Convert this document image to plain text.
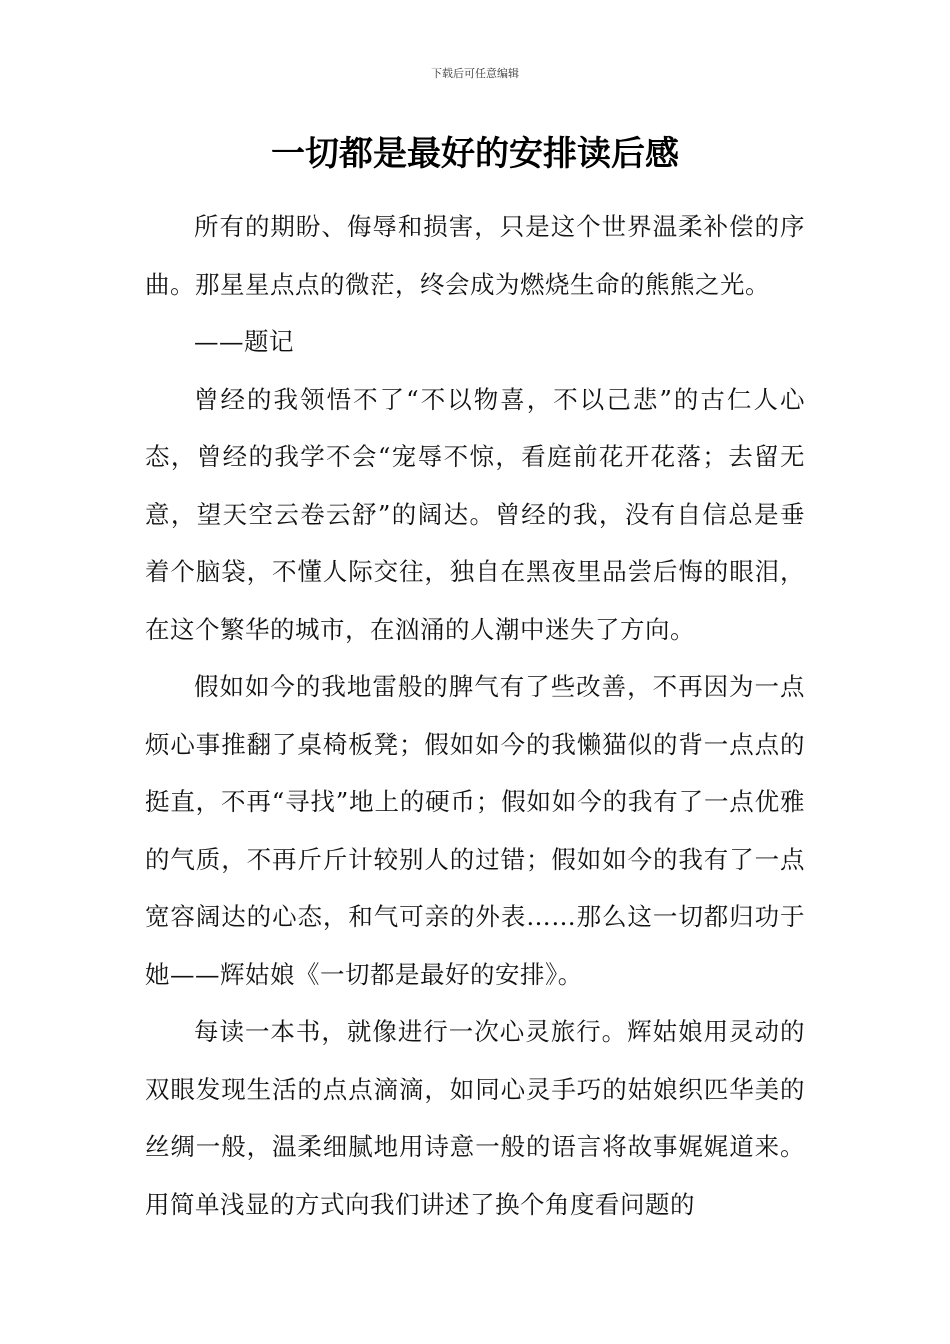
下载后可任意编辑
一切都是最好的安排读后感

所有的期盼、侮辱和损害，只是这个世界温柔补偿的序曲。那星星点点的微茫，终会成为燃烧生命的熊熊之光。

——题记

曾经的我领悟不了“不以物喜，不以己悲”的古仁人心态，曾经的我学不会“宠辱不惊，看庭前花开花落；去留无意，望天空云卷云舒”的阔达。曾经的我，没有自信总是垂着个脑袋，不懂人际交往，独自在黑夜里品尝后悔的眼泪，在这个繁华的城市，在汹涌的人潮中迷失了方向。

假如如今的我地雷般的脾气有了些改善，不再因为一点烦心事推翻了桌椅板凳；假如如今的我懒猫似的背一点点的挺直，不再“寻找”地上的硬币；假如如今的我有了一点优雅的气质，不再斤斤计较别人的过错；假如如今的我有了一点宽容阔达的心态，和气可亲的外表……那么这一切都归功于她——辉姑娘《一切都是最好的安排》。

每读一本书，就像进行一次心灵旅行。辉姑娘用灵动的双眼发现生活的点点滴滴，如同心灵手巧的姑娘织匹华美的丝绸一般，温柔细腻地用诗意一般的语言将故事娓娓道来。用简单浅显的方式向我们讲述了换个角度看问题的
